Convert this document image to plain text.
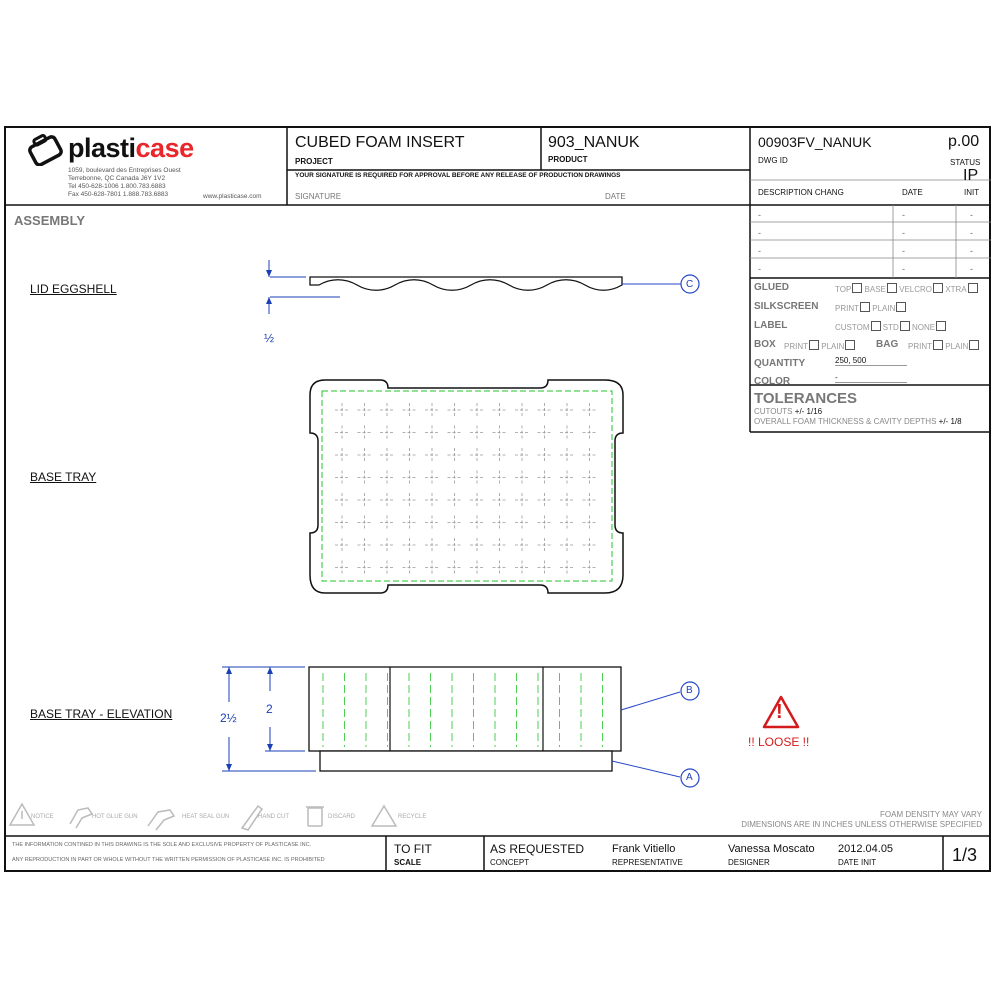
plasticase
1059, boulevard des Entreprises Ouest
Terrebonne, QC Canada J6Y 1V2
Tel 450-628-1006 1.800.783.6883
Fax 450-628-7801 1.888.783.6883	www.plasticase.com
CUBED FOAM INSERT
PROJECT
903_NANUK
PRODUCT
YOUR SIGNATURE IS REQUIRED FOR APPROVAL BEFORE ANY RELEASE OF PRODUCTION DRAWINGS
SIGNATURE	DATE
00903FV_NANUK
DWG ID
p.00
STATUS
IP
DESCRIPTION CHANG	DATE	INIT
-	-	-
-	-	-
-	-	-
-	-	-
GLUED	TOP BASE VELCRO XTRA
SILKSCREEN PRINT PLAIN
LABEL	CUSTOM STD NONE
BOX PRINT PLAIN	BAG PRINT PLAIN
QUANTITY	250, 500
COLOR	-
TOLERANCES
CUTOUTS +/- 1/16
OVERALL FOAM THICKNESS & CAVITY DEPTHS +/- 1/8
ASSEMBLY
LID EGGSHELL
BASE TRAY
BASE TRAY - ELEVATION
½
C
2½
2
B
A
!
!! LOOSE !!
NOTICE	HOT GLUE GUN	HEAT SEAL GUN	HAND CUT	DISCARD	RECYCLE	FOAM DENSITY MAY VARY
DIMENSIONS ARE IN INCHES UNLESS OTHERWISE SPECIFIED
THE INFORMATION CONTINED IN THIS DRAWING IS THE SOLE AND EXCLUSIVE PROPERTY OF PLASTICASE INC.
ANY REPRODUCTION IN PART OR WHOLE WITHOUT THE WRITTEN PERMISSION OF PLASTICASE INC. IS PROHIBITED
TO FIT
SCALE
AS REQUESTED
CONCEPT
Frank Vitiello
REPRESENTATIVE
Vanessa Moscato
DESIGNER
2012.04.05
DATE INIT	1/3
